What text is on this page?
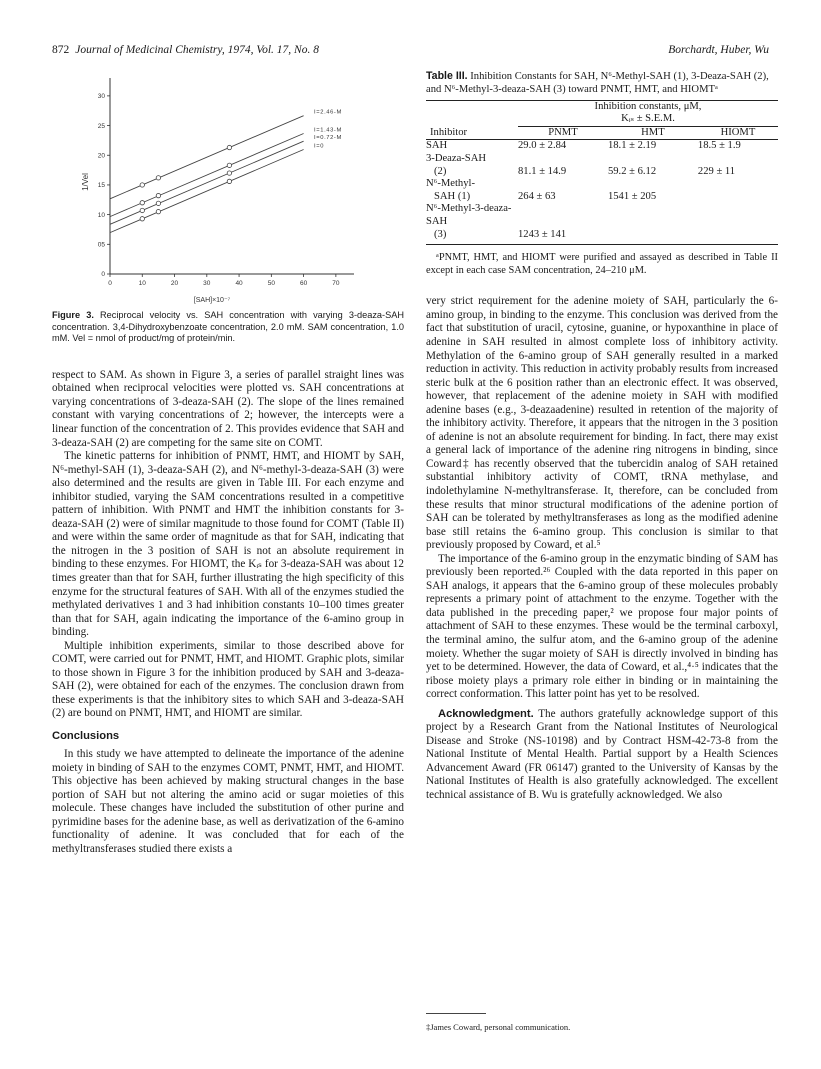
872 Journal of Medicinal Chemistry, 1974, Vol. 17, No. 8	Borchardt, Huber, Wu
0	10	20	30	40	50	60	70
0
05
10
15
20
25
30
I=2.46-M
I=1.43-M
I=0.72-M
I=0
1/Vel
[SAH]×10⁻⁷
Figure 3. Reciprocal velocity vs. SAH concentration with varying 3-deaza-SAH concentration. 3,4-Dihydroxybenzoate concentration, 2.0 mM. SAM concentration, 1.0 mM. Vel = nmol of product/mg of protein/min.

respect to SAM. As shown in Figure 3, a series of parallel straight lines was obtained when reciprocal velocities were plotted vs. SAH concentrations at varying concentrations of 3-deaza-SAH (2). The slope of the lines remained constant with varying concentrations of 2; however, the intercepts were a linear function of the concentration of 2. This provides evidence that SAH and 3-deaza-SAH (2) are competing for the same site on COMT.

The kinetic patterns for inhibition of PNMT, HMT, and HIOMT by SAH, N⁶-methyl-SAH (1), 3-deaza-SAH (2), and N⁶-methyl-3-deaza-SAH (3) were also determined and the results are given in Table III. For each enzyme and inhibitor studied, varying the SAM concentrations resulted in a competitive pattern of inhibition. With PNMT and HMT the inhibition constants for 3-deaza-SAH (2) were of similar magnitude to those found for COMT (Table II) and were within the same order of magnitude as that for SAH, indicating that the nitrogen in the 3 position of SAH is not an absolute requirement in binding to these enzymes. For HIOMT, the Kᵢₛ for 3-deaza-SAH was about 12 times greater than that for SAH, further illustrating the high specificity of this enzyme for the structural features of SAH. With all of the enzymes studied the methylated derivatives 1 and 3 had inhibition constants 10–100 times greater than that for SAH, again indicating the importance of the 6-amino group in binding.

Multiple inhibition experiments, similar to those described above for COMT, were carried out for PNMT, HMT, and HIOMT. Graphic plots, similar to those shown in Figure 3 for the inhibition produced by SAH and 3-deaza-SAH (2), were obtained for each of the enzymes. The conclusion drawn from these experiments is that the inhibitory sites to which SAH and 3-deaza-SAH (2) are bound on PNMT, HMT, and HIOMT are similar.

Conclusions

In this study we have attempted to delineate the importance of the adenine moiety in binding of SAH to the enzymes COMT, PNMT, HMT, and HIOMT. This objective has been achieved by making structural changes in the base portion of SAH but not altering the amino acid or sugar moieties of this molecule. These changes have included the substitution of other purine and pyrimidine bases for the adenine base, as well as derivatization of the 6-amino functionality of adenine. It was concluded that for each of the methyltransferases studied there exists a

Table III. Inhibition Constants for SAH, N⁶-Methyl-SAH (1), 3-Deaza-SAH (2), and N⁶-Methyl-3-deaza-SAH (3) toward PNMT, HMT, and HIOMTᵃ
Inhibitor	Inhibition constants, μM,
Kᵢₛ ± S.E.M.		
	PNMT	HMT	HIOMT
SAH	29.0 ± 2.84	18.1 ± 2.19	18.5 ± 1.9
3-Deaza-SAH			
(2)	81.1 ± 14.9	59.2 ± 6.12	229 ± 11
N⁶-Methyl-			
SAH (1)	264 ± 63	1541 ± 205	
N⁶-Methyl-3-deaza-SAH			
(3)	1243 ± 141		
ᵃPNMT, HMT, and HIOMT were purified and assayed as described in Table II except in each case SAM concentration, 24–210 μM.

very strict requirement for the adenine moiety of SAH, particularly the 6-amino group, in binding to the enzyme. This conclusion was derived from the fact that substitution of uracil, cytosine, guanine, or hypoxanthine in place of adenine in SAH resulted in almost complete loss of inhibitory activity. Methylation of the 6-amino group of SAH generally resulted in a marked reduction in activity. This reduction in activity probably results from increased steric bulk at the 6 position rather than an electronic effect. It was observed, however, that replacement of the adenine moiety in SAH with modified adenine bases (e.g., 3-deazaadenine) resulted in retention of the majority of the inhibitory activity. Therefore, it appears that the nitrogen in the 3 position of adenine is not an absolute requirement for binding. In fact, there may exist a general lack of importance of the adenine ring nitrogens in binding, since Coward‡ has recently observed that the tubercidin analog of SAH retained substantial inhibitory activity of COMT, tRNA methylase, and indolethylamine N-methyltransferase. It, therefore, can be concluded from these results that minor structural modifications of the adenine portion of SAH can be tolerated by methyltransferases as long as the modified adenine base still retains the 6-amino group. This conclusion is similar to that previously proposed by Coward, et al.⁵

The importance of the 6-amino group in the enzymatic binding of SAM has previously been reported.²⁶ Coupled with the data reported in this paper on SAH analogs, it appears that the 6-amino group of these molecules probably represents a primary point of attachment to the enzyme. Together with the data published in the preceding paper,² we propose four major points of attachment of SAH to these enzymes. These would be the terminal carboxyl, the terminal amino, the sulfur atom, and the 6-amino group of the adenine moiety. Whether the sugar moiety of SAH is directly involved in binding has yet to be determined. However, the data of Coward, et al.,⁴·⁵ indicates that the ribose moiety plays a primary role either in binding or in maintaining the correct conformation. This latter point has yet to be resolved.

Acknowledgment. The authors gratefully acknowledge support of this project by a Research Grant from the National Institutes of Neurological Disease and Stroke (NS-10198) and by Contract HSM-42-73-8 from the National Institute of Mental Health. Partial support by a Health Sciences Advancement Award (FR 06147) granted to the University of Kansas by the National Institutes of Health is also gratefully acknowledged. The excellent technical assistance of B. Wu is gratefully acknowledged. We also

‡James Coward, personal communication.
